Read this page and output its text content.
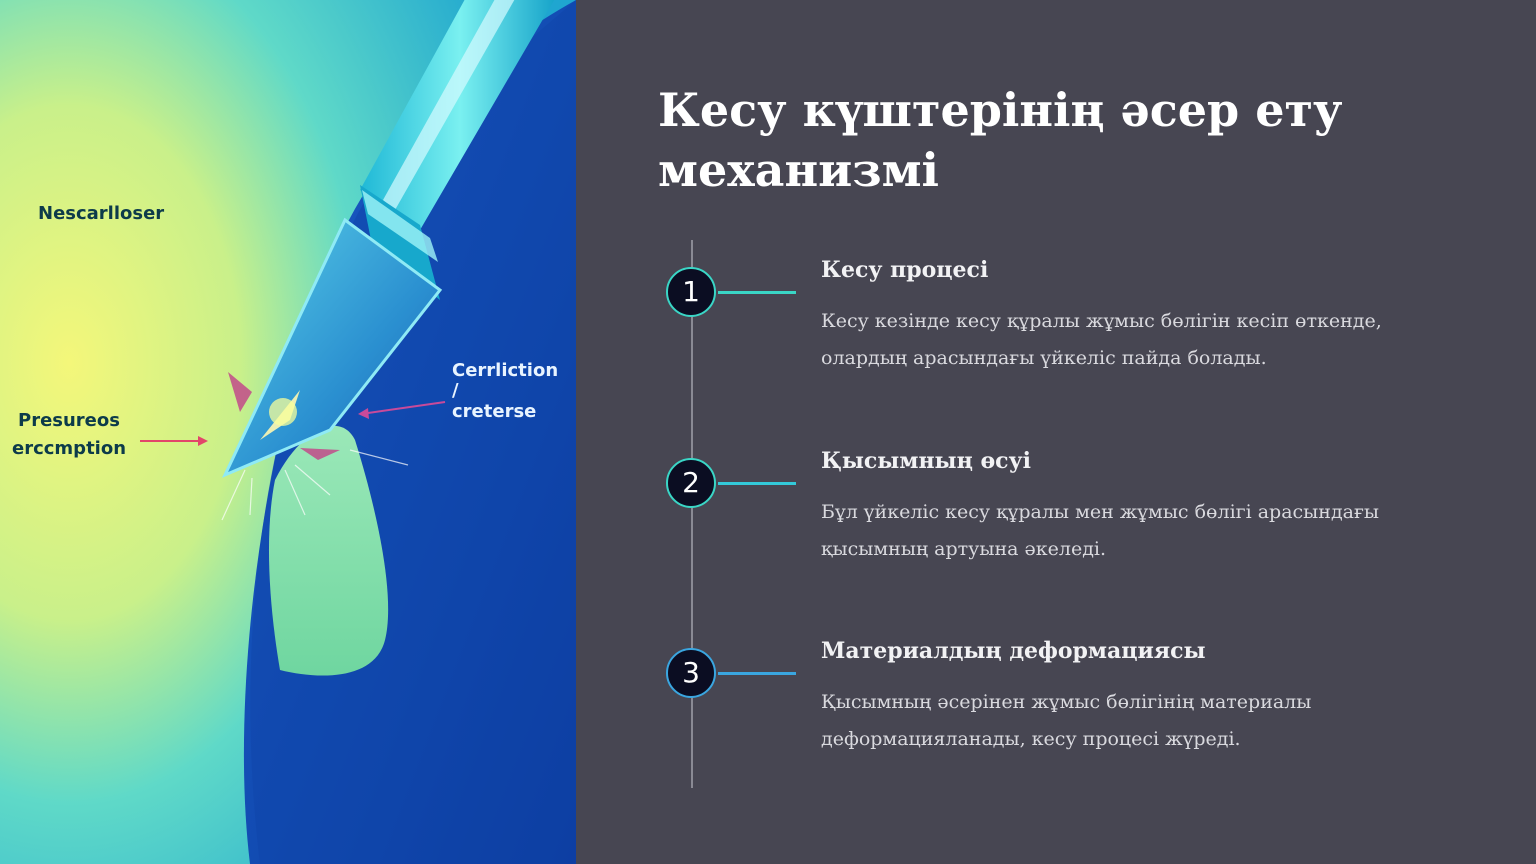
Nescarlloser
Presureos
erccmption
Cerrliction
/
creterse
Кесу күштерінің әсер ету механизмі
1
Кесу процесі

Кесу кезінде кесу құралы жұмыс бөлігін кесіп өткенде, олардың арасындағы үйкеліс пайда болады.

2
Қысымның өсуі

Бұл үйкеліс кесу құралы мен жұмыс бөлігі арасындағы қысымның артуына әкеледі.

3
Материалдың деформациясы

Қысымның әсерінен жұмыс бөлігінің материалы деформацияланады, кесу процесі жүреді.
